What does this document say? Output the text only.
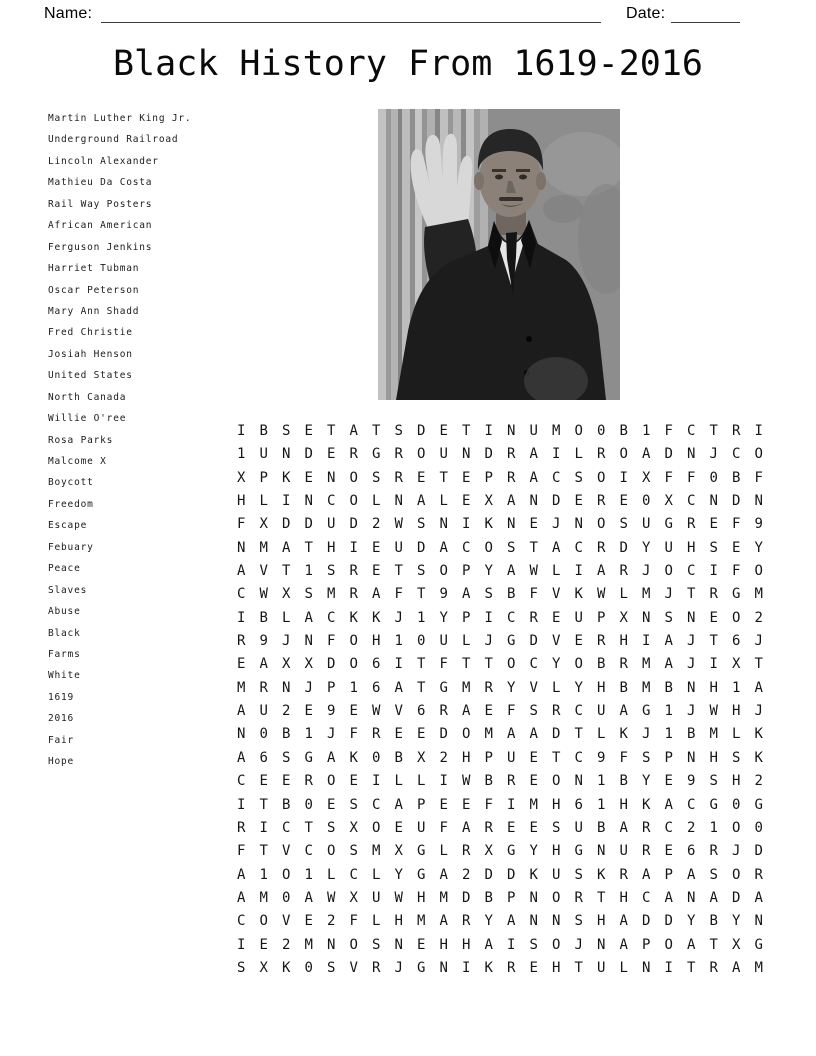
Name:	Date:
Black History From 1619-2016
Martin Luther King Jr.
Underground Railroad
Lincoln Alexander
Mathieu Da Costa
Rail Way Posters
African American
Ferguson Jenkins
Harriet Tubman
Oscar Peterson
Mary Ann Shadd
Fred Christie
Josiah Henson
United States
North Canada
Willie O'ree
Rosa Parks
Malcome X
Boycott
Freedom
Escape
Febuary
Peace
Slaves
Abuse
Black
Farms
White
1619
2016
Fair
Hope
I B S E T A T S D E T I N U M O 0 B 1 F C T R I
1 U N D E R G R O U N D R A I L R O A D N J C O
X P K E N O S R E T E P R A C S O I X F F 0 B F
H L I N C O L N A L E X A N D E R E 0 X C N D N
F X D D U D 2 W S N I K N E J N O S U G R E F 9
N M A T H I E U D A C O S T A C R D Y U H S E Y
A V T 1 S R E T S O P Y A W L I A R J O C I F O
C W X S M R A F T 9 A S B F V K W L M J T R G M
I B L A C K K J 1 Y P I C R E U P X N S N E O 2
R 9 J N F O H 1 0 U L J G D V E R H I A J T 6 J
E A X X D O 6 I T F T T O C Y O B R M A J I X T
M R N J P 1 6 A T G M R Y V L Y H B M B N H 1 A
A U 2 E 9 E W V 6 R A E F S R C U A G 1 J W H J
N 0 B 1 J F R E E D O M A A D T L K J 1 B M L K
A 6 S G A K 0 B X 2 H P U E T C 9 F S P N H S K
C E E R O E I L L I W B R E O N 1 B Y E 9 S H 2
I T B 0 E S C A P E E F I M H 6 1 H K A C G 0 G
R I C T S X O E U F A R E E S U B A R C 2 1 O 0
F T V C O S M X G L R X G Y H G N U R E 6 R J D
A 1 O 1 L C L Y G A 2 D D K U S K R A P A S O R
A M 0 A W X U W H M D B P N O R T H C A N A D A
C O V E 2 F L H M A R Y A N N S H A D D Y B Y N
I E 2 M N O S N E H H A I S O J N A P O A T X G
S X K 0 S V R J G N I K R E H T U L N I T R A M
